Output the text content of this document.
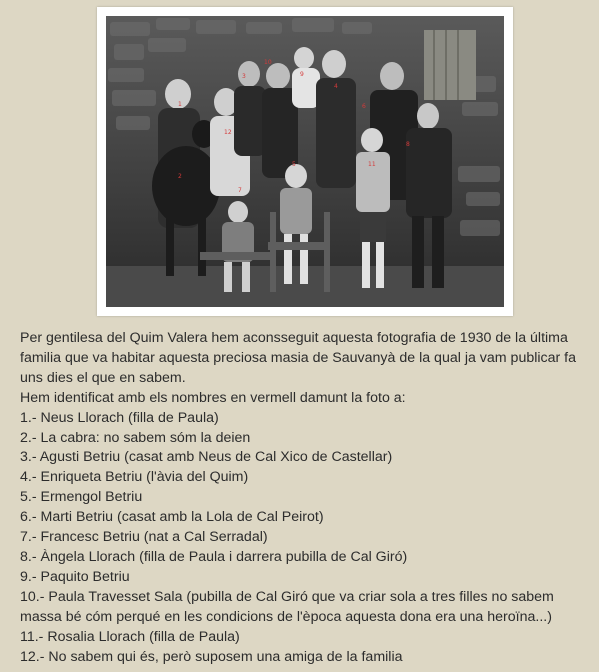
1
2
3
4
5
6
7
8
9
10
11
12

Per gentilesa del Quim Valera hem aconsseguit aquesta fotografia de 1930 de la última

familia que va habitar aquesta preciosa masia de Sauvanyà de la qual ja vam publicar fa

uns dies el que en sabem.

Hem identificat amb els nombres en vermell damunt la foto a:

1.- Neus Llorach (filla de Paula)
2.- La cabra: no sabem sóm la deien
3.- Agusti Betriu (casat amb Neus de Cal Xico de Castellar)
4.- Enriqueta Betriu (l'àvia del Quim)
5.- Ermengol Betriu
6.- Marti Betriu (casat amb la Lola de Cal Peirot)
7.- Francesc Betriu (nat a Cal Serradal)
8.- Àngela Llorach (filla de Paula i darrera pubilla de Cal Giró)
9.- Paquito Betriu
10.- Paula Travesset Sala (pubilla de Cal Giró que va criar sola a tres filles no sabem
massa bé cóm perqué en les condicions de l'època aquesta dona era una heroïna...)
11.- Rosalia Llorach (filla de Paula)
12.- No sabem qui és, però suposem una amiga de la familia
